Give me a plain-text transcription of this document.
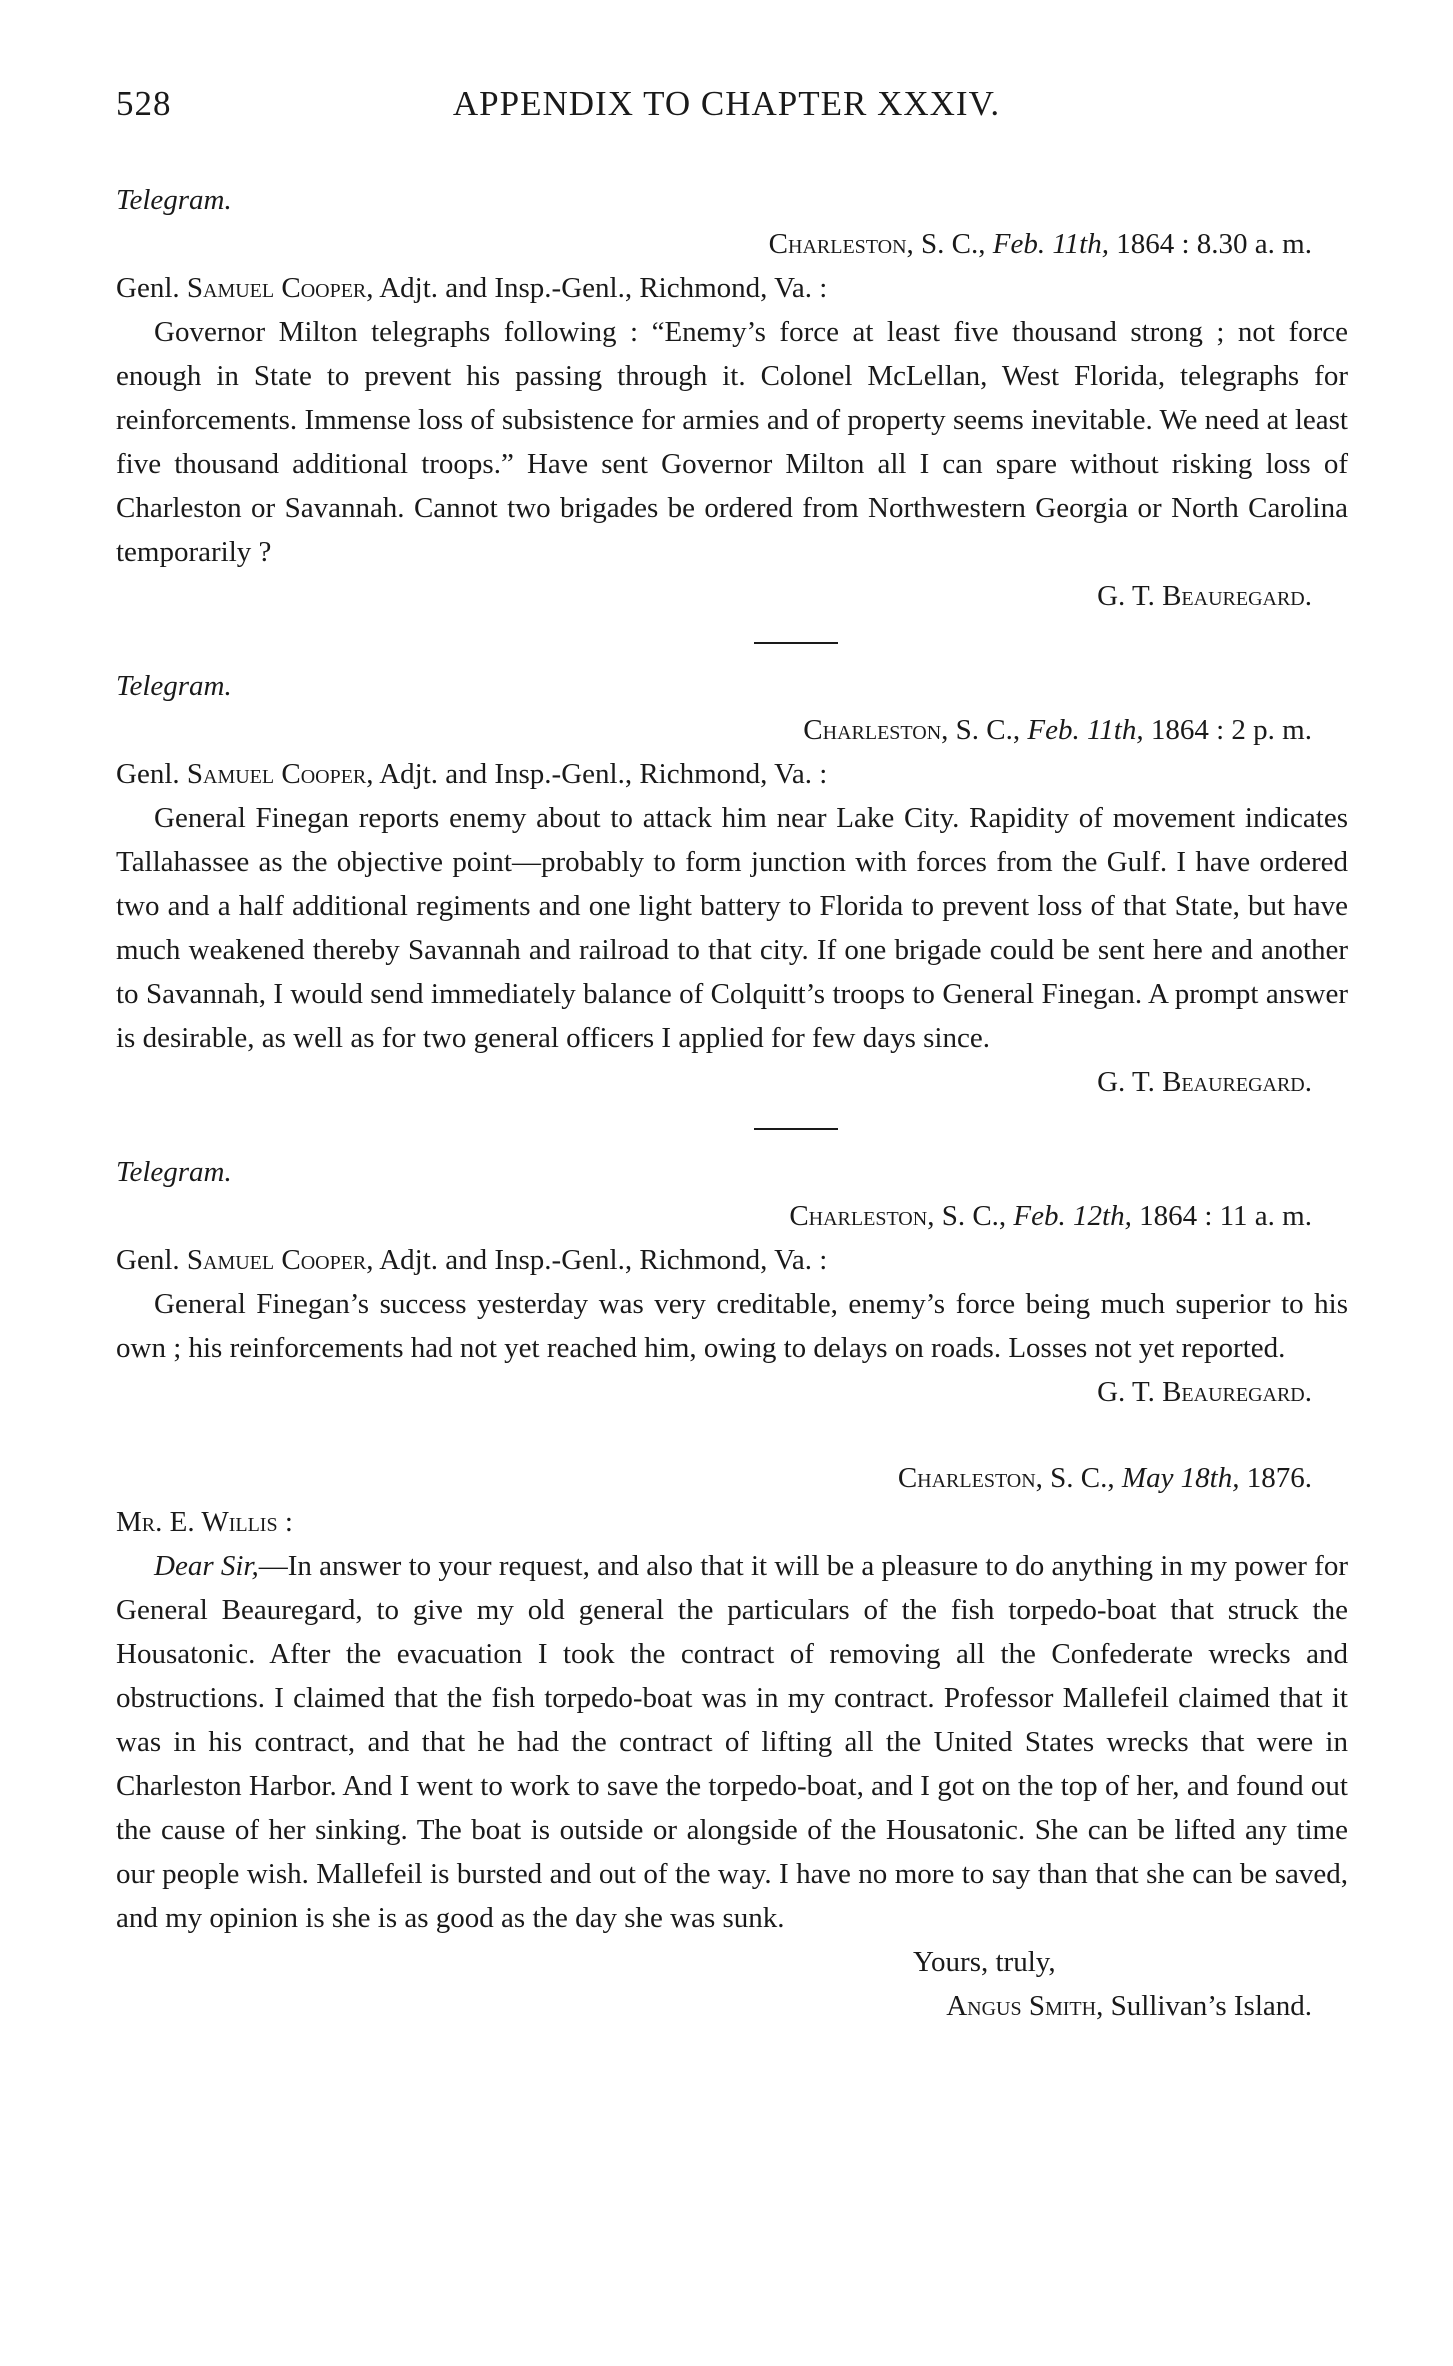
528	APPENDIX TO CHAPTER XXXIV.
Telegram.
Charleston, S. C., Feb. 11th, 1864 : 8.30 a. m.
Genl. Samuel Cooper, Adjt. and Insp.-Genl., Richmond, Va. :
Governor Milton telegraphs following : “Enemy’s force at least five thousand strong ; not force enough in State to prevent his passing through it. Colonel McLellan, West Florida, telegraphs for reinforcements. Immense loss of subsistence for armies and of property seems inevitable. We need at least five thousand additional troops.” Have sent Governor Milton all I can spare without risking loss of Charleston or Savannah. Cannot two brigades be ordered from Northwestern Georgia or North Carolina temporarily ?
G. T. Beauregard.
Telegram.
Charleston, S. C., Feb. 11th, 1864 : 2 p. m.
Genl. Samuel Cooper, Adjt. and Insp.-Genl., Richmond, Va. :
General Finegan reports enemy about to attack him near Lake City. Rapidity of movement indicates Tallahassee as the objective point—probably to form junction with forces from the Gulf. I have ordered two and a half additional regiments and one light battery to Florida to prevent loss of that State, but have much weakened thereby Savannah and railroad to that city. If one brigade could be sent here and another to Savannah, I would send immediately balance of Colquitt’s troops to General Finegan. A prompt answer is desirable, as well as for two general officers I applied for few days since.
G. T. Beauregard.
Telegram.
Charleston, S. C., Feb. 12th, 1864 : 11 a. m.
Genl. Samuel Cooper, Adjt. and Insp.-Genl., Richmond, Va. :
General Finegan’s success yesterday was very creditable, enemy’s force being much superior to his own ; his reinforcements had not yet reached him, owing to delays on roads. Losses not yet reported.
G. T. Beauregard.
Charleston, S. C., May 18th, 1876.
Mr. E. Willis :
Dear Sir,—In answer to your request, and also that it will be a pleasure to do anything in my power for General Beauregard, to give my old general the particulars of the fish torpedo-boat that struck the Housatonic. After the evacuation I took the contract of removing all the Confederate wrecks and obstructions. I claimed that the fish torpedo-boat was in my contract. Professor Mallefeil claimed that it was in his contract, and that he had the contract of lifting all the United States wrecks that were in Charleston Harbor. And I went to work to save the torpedo-boat, and I got on the top of her, and found out the cause of her sinking. The boat is outside or alongside of the Housatonic. She can be lifted any time our people wish. Mallefeil is bursted and out of the way. I have no more to say than that she can be saved, and my opinion is she is as good as the day she was sunk.
Yours, truly,
Angus Smith, Sullivan’s Island.
